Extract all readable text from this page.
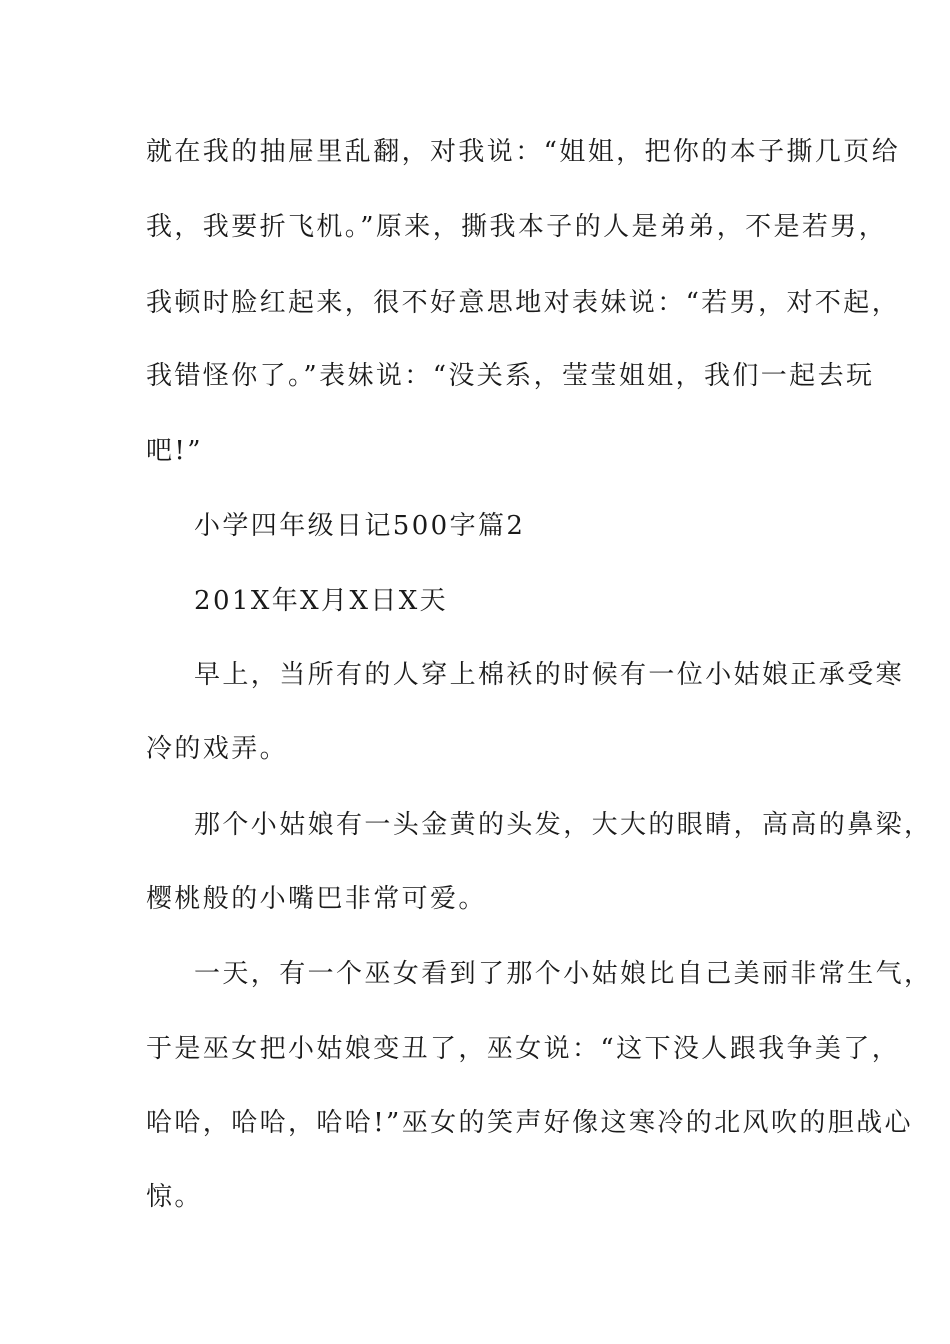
就在我的抽屉里乱翻，对我说：“姐姐，把你的本子撕几页给
我，我要折飞机。”原来，撕我本子的人是弟弟，不是若男，
我顿时脸红起来，很不好意思地对表妹说：“若男，对不起，
我错怪你了。”表妹说：“没关系，莹莹姐姐，我们一起去玩
吧!”
小学四年级日记500字篇2
201X年X月X日X天
早上，当所有的人穿上棉袄的时候有一位小姑娘正承受寒
冷的戏弄。
那个小姑娘有一头金黄的头发，大大的眼睛，高高的鼻梁，
樱桃般的小嘴巴非常可爱。
一天，有一个巫女看到了那个小姑娘比自己美丽非常生气，
于是巫女把小姑娘变丑了，巫女说：“这下没人跟我争美了，
哈哈，哈哈，哈哈!”巫女的笑声好像这寒冷的北风吹的胆战心
惊。
